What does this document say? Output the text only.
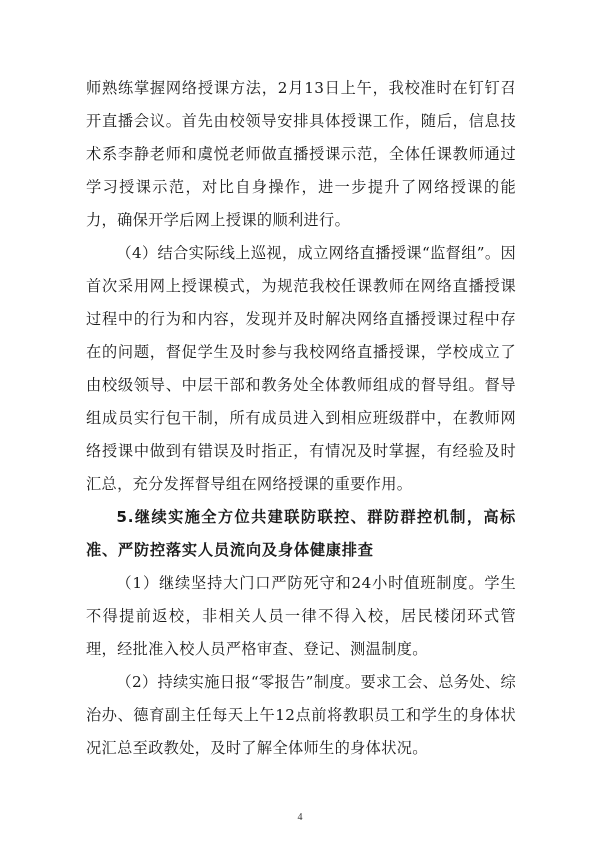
师熟练掌握网络授课方法，2月13日上午，我校准时在钉钉召开直播会议。首先由校领导安排具体授课工作，随后，信息技术系李静老师和虞悦老师做直播授课示范，全体任课教师通过学习授课示范，对比自身操作，进一步提升了网络授课的能力，确保开学后网上授课的顺利进行。

（4）结合实际线上巡视，成立网络直播授课“监督组”。因首次采用网上授课模式，为规范我校任课教师在网络直播授课过程中的行为和内容，发现并及时解决网络直播授课过程中存在的问题，督促学生及时参与我校网络直播授课，学校成立了由校级领导、中层干部和教务处全体教师组成的督导组。督导组成员实行包干制，所有成员进入到相应班级群中，在教师网络授课中做到有错误及时指正，有情况及时掌握，有经验及时汇总，充分发挥督导组在网络授课的重要作用。

5.继续实施全方位共建联防联控、群防群控机制，高标准、严防控落实人员流向及身体健康排查

（1）继续坚持大门口严防死守和24小时值班制度。学生不得提前返校，非相关人员一律不得入校，居民楼闭环式管理，经批准入校人员严格审查、登记、测温制度。

（2）持续实施日报“零报告”制度。要求工会、总务处、综治办、德育副主任每天上午12点前将教职员工和学生的身体状况汇总至政教处，及时了解全体师生的身体状况。

4
